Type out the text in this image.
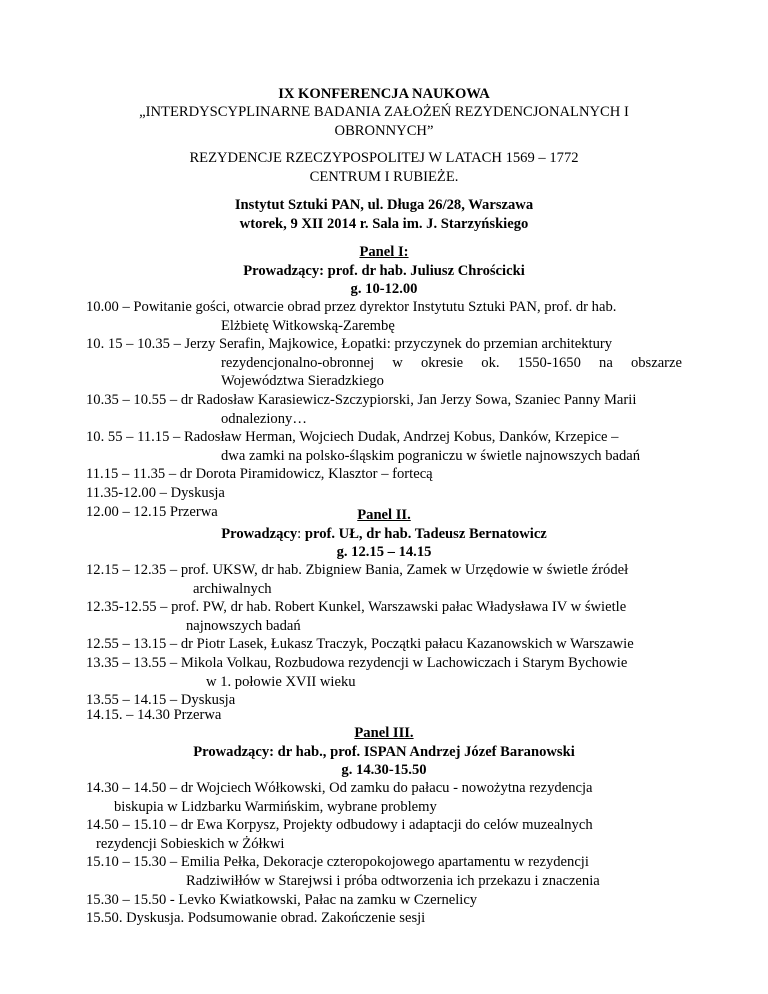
IX KONFERENCJA NAUKOWA
„INTERDYSCYPLINARNE BADANIA ZAŁOŻEŃ REZYDENCJONALNYCH I
OBRONNYCH”
REZYDENCJE RZECZYPOSPOLITEJ W LATACH 1569 – 1772
CENTRUM I RUBIEŻE.
Instytut Sztuki PAN, ul. Długa 26/28, Warszawa
wtorek, 9 XII 2014 r. Sala im. J. Starzyńskiego
Panel I:
Prowadzący: prof. dr hab. Juliusz Chrościcki
g. 10-12.00

10.00 – Powitanie gości, otwarcie obrad przez dyrektor Instytutu Sztuki PAN, prof. dr hab.

Elżbietę Witkowską-Zarembę

10. 15 – 10.35 – Jerzy Serafin, Majkowice, Łopatki: przyczynek do przemian architektury

rezydencjonalno-obronnej w okresie ok. 1550-1650 na obszarze

Województwa Sieradzkiego

10.35 – 10.55 – dr Radosław Karasiewicz-Szczypiorski, Jan Jerzy Sowa, Szaniec Panny Marii

odnaleziony…

10. 55 – 11.15 – Radosław Herman, Wojciech Dudak, Andrzej Kobus, Danków, Krzepice –

dwa zamki na polsko-śląskim pograniczu w świetle najnowszych badań

11.15 – 11.35 – dr Dorota Piramidowicz, Klasztor – fortecą

11.35-12.00 – Dyskusja

12.00 – 12.15 Przerwa	Panel II.
Prowadzący: prof. UŁ, dr hab. Tadeusz Bernatowicz
g. 12.15 – 14.15

12.15 – 12.35 – prof. UKSW, dr hab. Zbigniew Bania, Zamek w Urzędowie w świetle źródeł

archiwalnych

12.35-12.55 – prof. PW, dr hab. Robert Kunkel, Warszawski pałac Władysława IV w świetle

najnowszych badań

12.55 – 13.15 – dr Piotr Lasek, Łukasz Traczyk, Początki pałacu Kazanowskich w Warszawie

13.35 – 13.55 – Mikola Volkau, Rozbudowa rezydencji w Lachowiczach i Starym Bychowie

w 1. połowie XVII wieku

13.55 – 14.15 – Dyskusja

14.15. – 14.30 Przerwa

Panel III.
Prowadzący: dr hab., prof. ISPAN Andrzej Józef Baranowski
g. 14.30-15.50

14.30 – 14.50 – dr Wojciech Wółkowski, Od zamku do pałacu - nowożytna rezydencja

biskupia w Lidzbarku Warmińskim, wybrane problemy

14.50 – 15.10 – dr Ewa Korpysz, Projekty odbudowy i adaptacji do celów muzealnych

rezydencji Sobieskich w Żółkwi

15.10 – 15.30 – Emilia Pełka, Dekoracje czteropokojowego apartamentu w rezydencji

Radziwiłłów w Starejwsi i próba odtworzenia ich przekazu i znaczenia

15.30 – 15.50 - Levko Kwiatkowski, Pałac na zamku w Czernelicy

15.50. Dyskusja. Podsumowanie obrad. Zakończenie sesji
